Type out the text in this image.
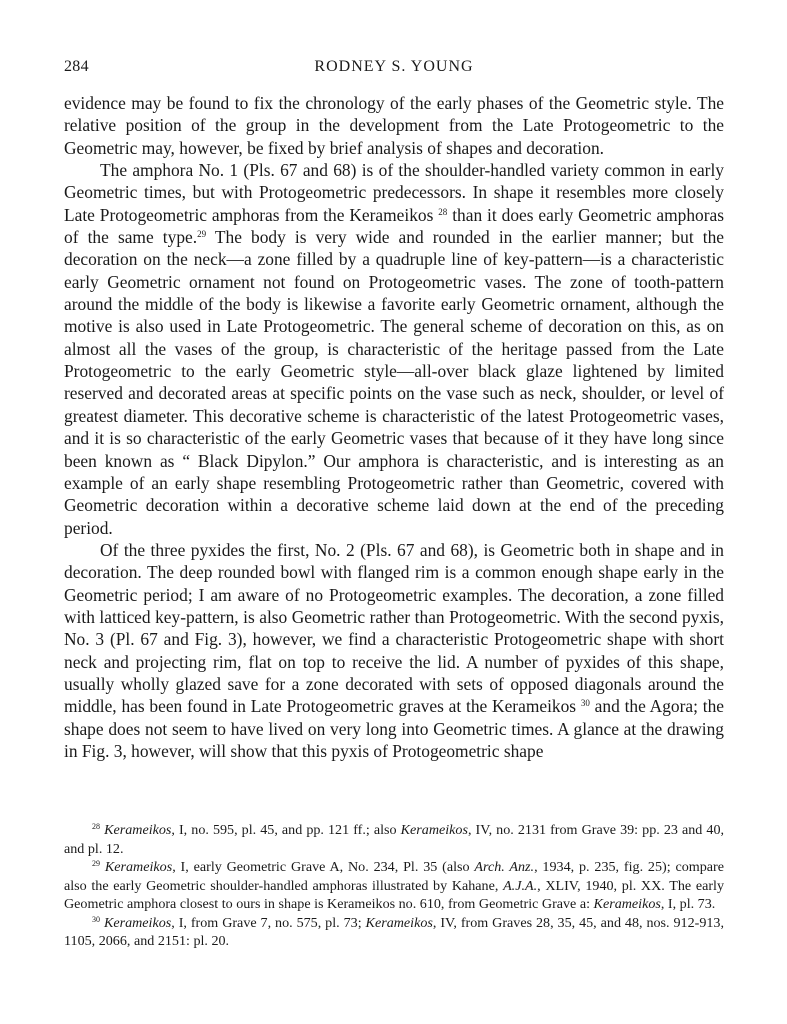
284	RODNEY S. YOUNG

evidence may be found to fix the chronology of the early phases of the Geometric style. The relative position of the group in the development from the Late Protogeometric to the Geometric may, however, be fixed by brief analysis of shapes and decoration.

The amphora No. 1 (Pls. 67 and 68) is of the shoulder-handled variety common in early Geometric times, but with Protogeometric predecessors. In shape it resembles more closely Late Protogeometric amphoras from the Kerameikos $^{28}$ than it does early Geometric amphoras of the same type.$^{29}$ The body is very wide and rounded in the earlier manner; but the decoration on the neck—a zone filled by a quadruple line of key-pattern—is a characteristic early Geometric ornament not found on Protogeometric vases. The zone of tooth-pattern around the middle of the body is likewise a favorite early Geometric ornament, although the motive is also used in Late Protogeometric. The general scheme of decoration on this, as on almost all the vases of the group, is characteristic of the heritage passed from the Late Protogeometric to the early Geometric style—all-over black glaze lightened by limited reserved and decorated areas at specific points on the vase such as neck, shoulder, or level of greatest diameter. This decorative scheme is characteristic of the latest Protogeometric vases, and it is so characteristic of the early Geometric vases that because of it they have long since been known as “ Black Dipylon.” Our amphora is characteristic, and is interesting as an example of an early shape resembling Protogeometric rather than Geometric, covered with Geometric decoration within a decorative scheme laid down at the end of the preceding period.

Of the three pyxides the first, No. 2 (Pls. 67 and 68), is Geometric both in shape and in decoration. The deep rounded bowl with flanged rim is a common enough shape early in the Geometric period; I am aware of no Protogeometric examples. The decoration, a zone filled with latticed key-pattern, is also Geometric rather than Protogeometric. With the second pyxis, No. 3 (Pl. 67 and Fig. 3), however, we find a characteristic Protogeometric shape with short neck and projecting rim, flat on top to receive the lid. A number of pyxides of this shape, usually wholly glazed save for a zone decorated with sets of opposed diagonals around the middle, has been found in Late Protogeometric graves at the Kerameikos $^{30}$ and the Agora; the shape does not seem to have lived on very long into Geometric times. A glance at the drawing in Fig. 3, however, will show that this pyxis of Protogeometric shape

$^{28}$ Kerameikos, I, no. 595, pl. 45, and pp. 121 ff.; also Kerameikos, IV, no. 2131 from Grave 39: pp. 23 and 40, and pl. 12.

$^{29}$ Kerameikos, I, early Geometric Grave A, No. 234, Pl. 35 (also Arch. Anz., 1934, p. 235, fig. 25); compare also the early Geometric shoulder-handled amphoras illustrated by Kahane, A.J.A., XLIV, 1940, pl. XX. The early Geometric amphora closest to ours in shape is Kerameikos no. 610, from Geometric Grave a: Kerameikos, I, pl. 73.

$^{30}$ Kerameikos, I, from Grave 7, no. 575, pl. 73; Kerameikos, IV, from Graves 28, 35, 45, and 48, nos. 912-913, 1105, 2066, and 2151: pl. 20.
